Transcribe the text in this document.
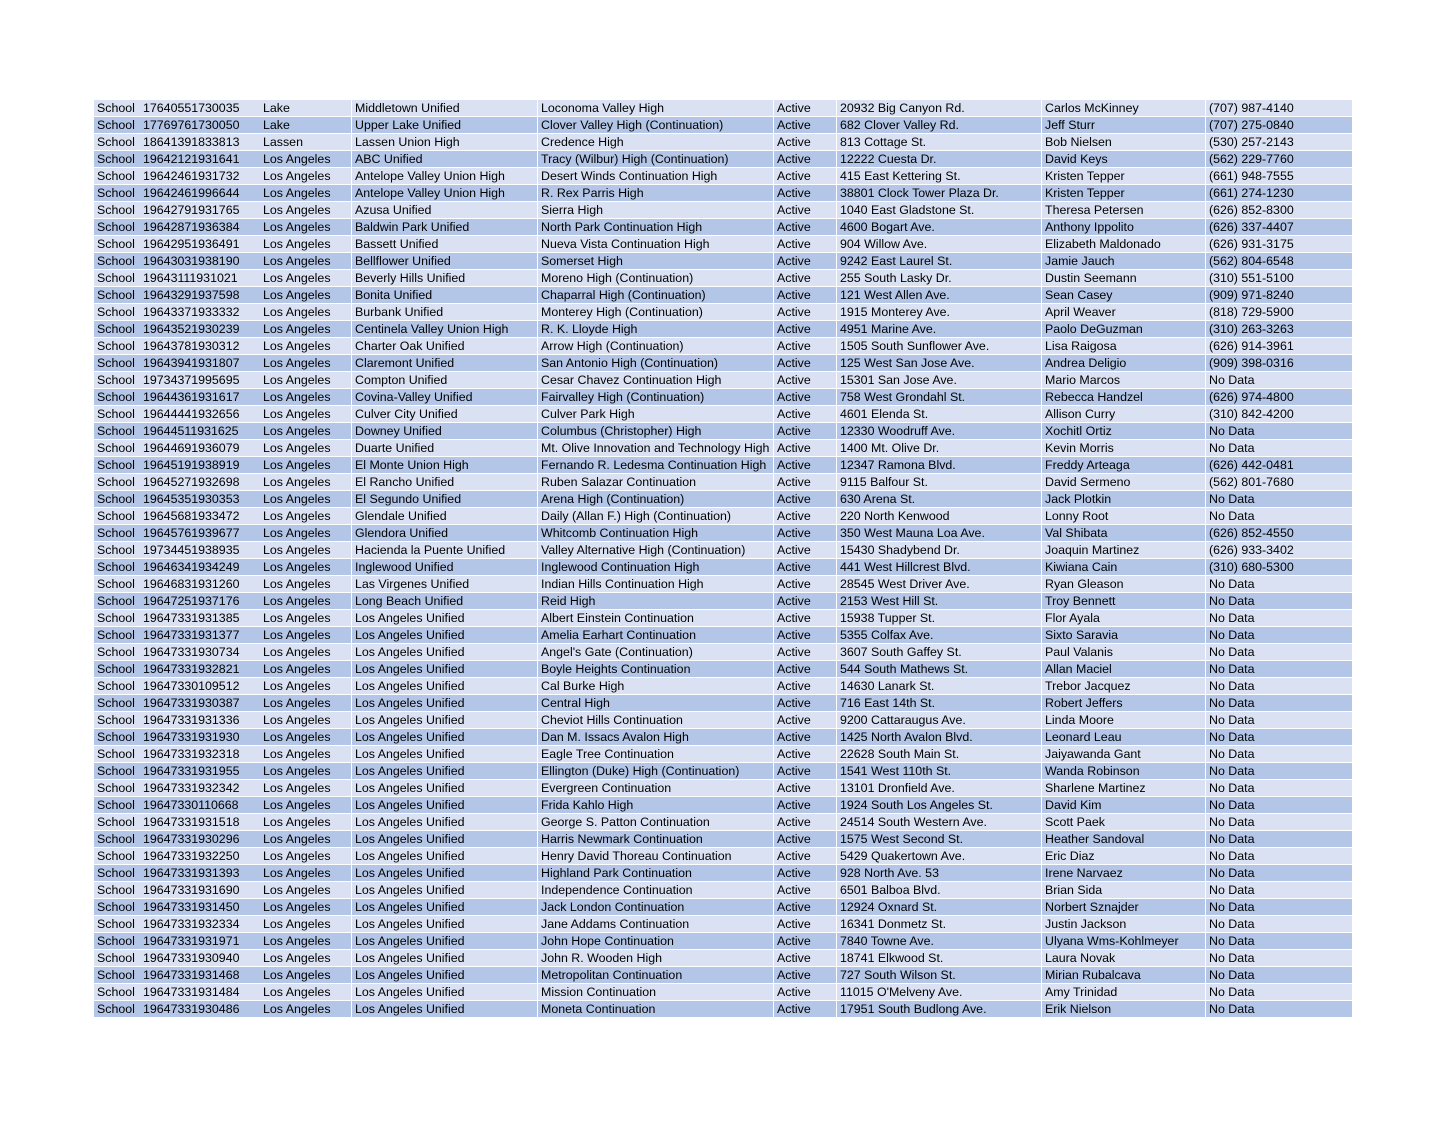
School 17640551730035	Lake	Middletown Unified	Loconoma Valley High	Active	20932 Big Canyon Rd.	Carlos McKinney	(707) 987-4140
School 17769761730050	Lake	Upper Lake Unified	Clover Valley High (Continuation)	Active	682 Clover Valley Rd.	Jeff Sturr	(707) 275-0840
School 18641391833813	Lassen	Lassen Union High	Credence High	Active	813 Cottage St.	Bob Nielsen	(530) 257-2143
School 19642121931641	Los Angeles	ABC Unified	Tracy (Wilbur) High (Continuation)	Active	12222 Cuesta Dr.	David Keys	(562) 229-7760
School 19642461931732	Los Angeles	Antelope Valley Union High	Desert Winds Continuation High	Active	415 East Kettering St.	Kristen Tepper	(661) 948-7555
School 19642461996644	Los Angeles	Antelope Valley Union High	R. Rex Parris High	Active	38801 Clock Tower Plaza Dr.	Kristen Tepper	(661) 274-1230
School 19642791931765	Los Angeles	Azusa Unified	Sierra High	Active	1040 East Gladstone St.	Theresa Petersen	(626) 852-8300
School 19642871936384	Los Angeles	Baldwin Park Unified	North Park Continuation High	Active	4600 Bogart Ave.	Anthony Ippolito	(626) 337-4407
School 19642951936491	Los Angeles	Bassett Unified	Nueva Vista Continuation High	Active	904 Willow Ave.	Elizabeth Maldonado	(626) 931-3175
School 19643031938190	Los Angeles	Bellflower Unified	Somerset High	Active	9242 East Laurel St.	Jamie Jauch	(562) 804-6548
School 19643111931021	Los Angeles	Beverly Hills Unified	Moreno High (Continuation)	Active	255 South Lasky Dr.	Dustin Seemann	(310) 551-5100
School 19643291937598	Los Angeles	Bonita Unified	Chaparral High (Continuation)	Active	121 West Allen Ave.	Sean Casey	(909) 971-8240
School 19643371933332	Los Angeles	Burbank Unified	Monterey High (Continuation)	Active	1915 Monterey Ave.	April Weaver	(818) 729-5900
School 19643521930239	Los Angeles	Centinela Valley Union High	R. K. Lloyde High	Active	4951 Marine Ave.	Paolo DeGuzman	(310) 263-3263
School 19643781930312	Los Angeles	Charter Oak Unified	Arrow High (Continuation)	Active	1505 South Sunflower Ave.	Lisa Raigosa	(626) 914-3961
School 19643941931807	Los Angeles	Claremont Unified	San Antonio High (Continuation)	Active	125 West San Jose Ave.	Andrea Deligio	(909) 398-0316
School 19734371995695	Los Angeles	Compton Unified	Cesar Chavez Continuation High	Active	15301 San Jose Ave.	Mario Marcos	No Data
School 19644361931617	Los Angeles	Covina-Valley Unified	Fairvalley High (Continuation)	Active	758 West Grondahl St.	Rebecca Handzel	(626) 974-4800
School 19644441932656	Los Angeles	Culver City Unified	Culver Park High	Active	4601 Elenda St.	Allison Curry	(310) 842-4200
School 19644511931625	Los Angeles	Downey Unified	Columbus (Christopher) High	Active	12330 Woodruff Ave.	Xochitl Ortiz	No Data
School 19644691936079	Los Angeles	Duarte Unified	Mt. Olive Innovation and Technology High Active	1400 Mt. Olive Dr.	Kevin Morris	No Data
School 19645191938919	Los Angeles	El Monte Union High	Fernando R. Ledesma Continuation High Active	12347 Ramona Blvd.	Freddy Arteaga	(626) 442-0481
School 19645271932698	Los Angeles	El Rancho Unified	Ruben Salazar Continuation	Active	9115 Balfour St.	David Sermeno	(562) 801-7680
School 19645351930353	Los Angeles	El Segundo Unified	Arena High (Continuation)	Active	630 Arena St.	Jack Plotkin	No Data
School 19645681933472	Los Angeles	Glendale Unified	Daily (Allan F.) High (Continuation)	Active	220 North Kenwood	Lonny Root	No Data
School 19645761939677	Los Angeles	Glendora Unified	Whitcomb Continuation High	Active	350 West Mauna Loa Ave.	Val Shibata	(626) 852-4550
School 19734451938935	Los Angeles	Hacienda la Puente Unified	Valley Alternative High (Continuation)	Active	15430 Shadybend Dr.	Joaquin Martinez	(626) 933-3402
School 19646341934249	Los Angeles	Inglewood Unified	Inglewood Continuation High	Active	441 West Hillcrest Blvd.	Kiwiana Cain	(310) 680-5300
School 19646831931260	Los Angeles	Las Virgenes Unified	Indian Hills Continuation High	Active	28545 West Driver Ave.	Ryan Gleason	No Data
School 19647251937176	Los Angeles	Long Beach Unified	Reid High	Active	2153 West Hill St.	Troy Bennett	No Data
School 19647331931385	Los Angeles	Los Angeles Unified	Albert Einstein Continuation	Active	15938 Tupper St.	Flor Ayala	No Data
School 19647331931377	Los Angeles	Los Angeles Unified	Amelia Earhart Continuation	Active	5355 Colfax Ave.	Sixto Saravia	No Data
School 19647331930734	Los Angeles	Los Angeles Unified	Angel's Gate (Continuation)	Active	3607 South Gaffey St.	Paul Valanis	No Data
School 19647331932821	Los Angeles	Los Angeles Unified	Boyle Heights Continuation	Active	544 South Mathews St.	Allan Maciel	No Data
School 19647330109512	Los Angeles	Los Angeles Unified	Cal Burke High	Active	14630 Lanark St.	Trebor Jacquez	No Data
School 19647331930387	Los Angeles	Los Angeles Unified	Central High	Active	716 East 14th St.	Robert Jeffers	No Data
School 19647331931336	Los Angeles	Los Angeles Unified	Cheviot Hills Continuation	Active	9200 Cattaraugus Ave.	Linda Moore	No Data
School 19647331931930	Los Angeles	Los Angeles Unified	Dan M. Issacs Avalon High	Active	1425 North Avalon Blvd.	Leonard Leau	No Data
School 19647331932318	Los Angeles	Los Angeles Unified	Eagle Tree Continuation	Active	22628 South Main St.	Jaiyawanda Gant	No Data
School 19647331931955	Los Angeles	Los Angeles Unified	Ellington (Duke) High (Continuation)	Active	1541 West 110th St.	Wanda Robinson	No Data
School 19647331932342	Los Angeles	Los Angeles Unified	Evergreen Continuation	Active	13101 Dronfield Ave.	Sharlene Martinez	No Data
School 19647330110668	Los Angeles	Los Angeles Unified	Frida Kahlo High	Active	1924 South Los Angeles St.	David Kim	No Data
School 19647331931518	Los Angeles	Los Angeles Unified	George S. Patton Continuation	Active	24514 South Western Ave.	Scott Paek	No Data
School 19647331930296	Los Angeles	Los Angeles Unified	Harris Newmark Continuation	Active	1575 West Second St.	Heather Sandoval	No Data
School 19647331932250	Los Angeles	Los Angeles Unified	Henry David Thoreau Continuation	Active	5429 Quakertown Ave.	Eric Diaz	No Data
School 19647331931393	Los Angeles	Los Angeles Unified	Highland Park Continuation	Active	928 North Ave. 53	Irene Narvaez	No Data
School 19647331931690	Los Angeles	Los Angeles Unified	Independence Continuation	Active	6501 Balboa Blvd.	Brian Sida	No Data
School 19647331931450	Los Angeles	Los Angeles Unified	Jack London Continuation	Active	12924 Oxnard St.	Norbert Sznajder	No Data
School 19647331932334	Los Angeles	Los Angeles Unified	Jane Addams Continuation	Active	16341 Donmetz St.	Justin Jackson	No Data
School 19647331931971	Los Angeles	Los Angeles Unified	John Hope Continuation	Active	7840 Towne Ave.	Ulyana Wms-Kohlmeyer	No Data
School 19647331930940	Los Angeles	Los Angeles Unified	John R. Wooden High	Active	18741 Elkwood St.	Laura Novak	No Data
School 19647331931468	Los Angeles	Los Angeles Unified	Metropolitan Continuation	Active	727 South Wilson St.	Mirian Rubalcava	No Data
School 19647331931484	Los Angeles	Los Angeles Unified	Mission Continuation	Active	11015 O'Melveny Ave.	Amy Trinidad	No Data
School 19647331930486	Los Angeles	Los Angeles Unified	Moneta Continuation	Active	17951 South Budlong Ave.	Erik Nielson	No Data
